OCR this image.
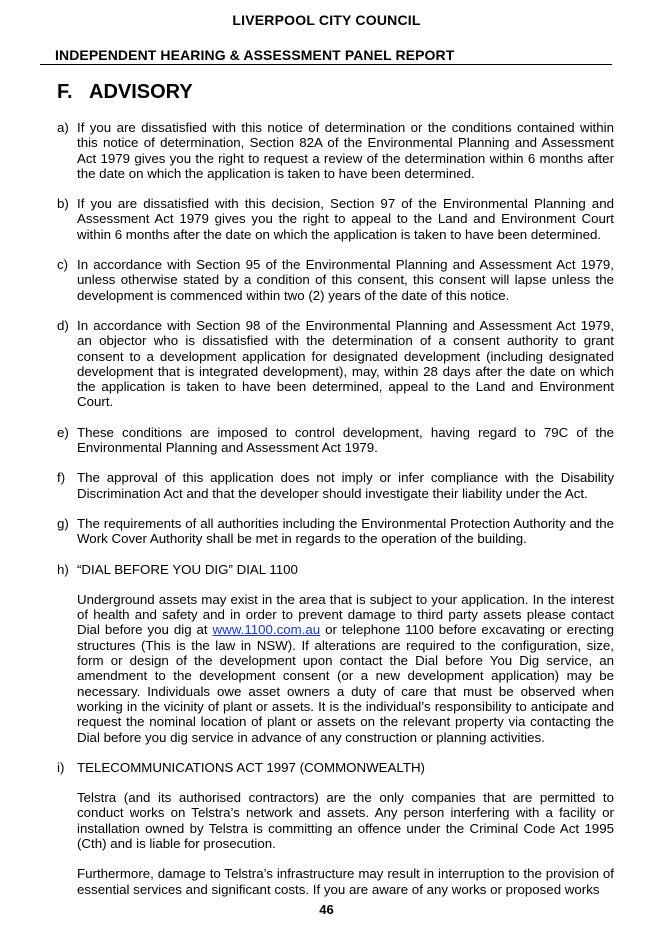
LIVERPOOL CITY COUNCIL
INDEPENDENT HEARING & ASSESSMENT PANEL REPORT
F. ADVISORY
a) If you are dissatisfied with this notice of determination or the conditions contained within this notice of determination, Section 82A of the Environmental Planning and Assessment Act 1979 gives you the right to request a review of the determination within 6 months after the date on which the application is taken to have been determined.

b) If you are dissatisfied with this decision, Section 97 of the Environmental Planning and Assessment Act 1979 gives you the right to appeal to the Land and Environment Court within 6 months after the date on which the application is taken to have been determined.

c) In accordance with Section 95 of the Environmental Planning and Assessment Act 1979, unless otherwise stated by a condition of this consent, this consent will lapse unless the development is commenced within two (2) years of the date of this notice.

d) In accordance with Section 98 of the Environmental Planning and Assessment Act 1979, an objector who is dissatisfied with the determination of a consent authority to grant consent to a development application for designated development (including designated development that is integrated development), may, within 28 days after the date on which the application is taken to have been determined, appeal to the Land and Environment Court.

e) These conditions are imposed to control development, having regard to 79C of the Environmental Planning and Assessment Act 1979.

f) The approval of this application does not imply or infer compliance with the Disability Discrimination Act and that the developer should investigate their liability under the Act.

g) The requirements of all authorities including the Environmental Protection Authority and the Work Cover Authority shall be met in regards to the operation of the building.

h) “DIAL BEFORE YOU DIG” DIAL 1100

Underground assets may exist in the area that is subject to your application. In the interest of health and safety and in order to prevent damage to third party assets please contact Dial before you dig at www.1100.com.au or telephone 1100 before excavating or erecting structures (This is the law in NSW). If alterations are required to the configuration, size, form or design of the development upon contact the Dial before You Dig service, an amendment to the development consent (or a new development application) may be necessary. Individuals owe asset owners a duty of care that must be observed when working in the vicinity of plant or assets. It is the individual’s responsibility to anticipate and request the nominal location of plant or assets on the relevant property via contacting the Dial before you dig service in advance of any construction or planning activities.

i) TELECOMMUNICATIONS ACT 1997 (COMMONWEALTH)

Telstra (and its authorised contractors) are the only companies that are permitted to conduct works on Telstra’s network and assets. Any person interfering with a facility or installation owned by Telstra is committing an offence under the Criminal Code Act 1995 (Cth) and is liable for prosecution.

Furthermore, damage to Telstra’s infrastructure may result in interruption to the provision of essential services and significant costs. If you are aware of any works or proposed works

46
